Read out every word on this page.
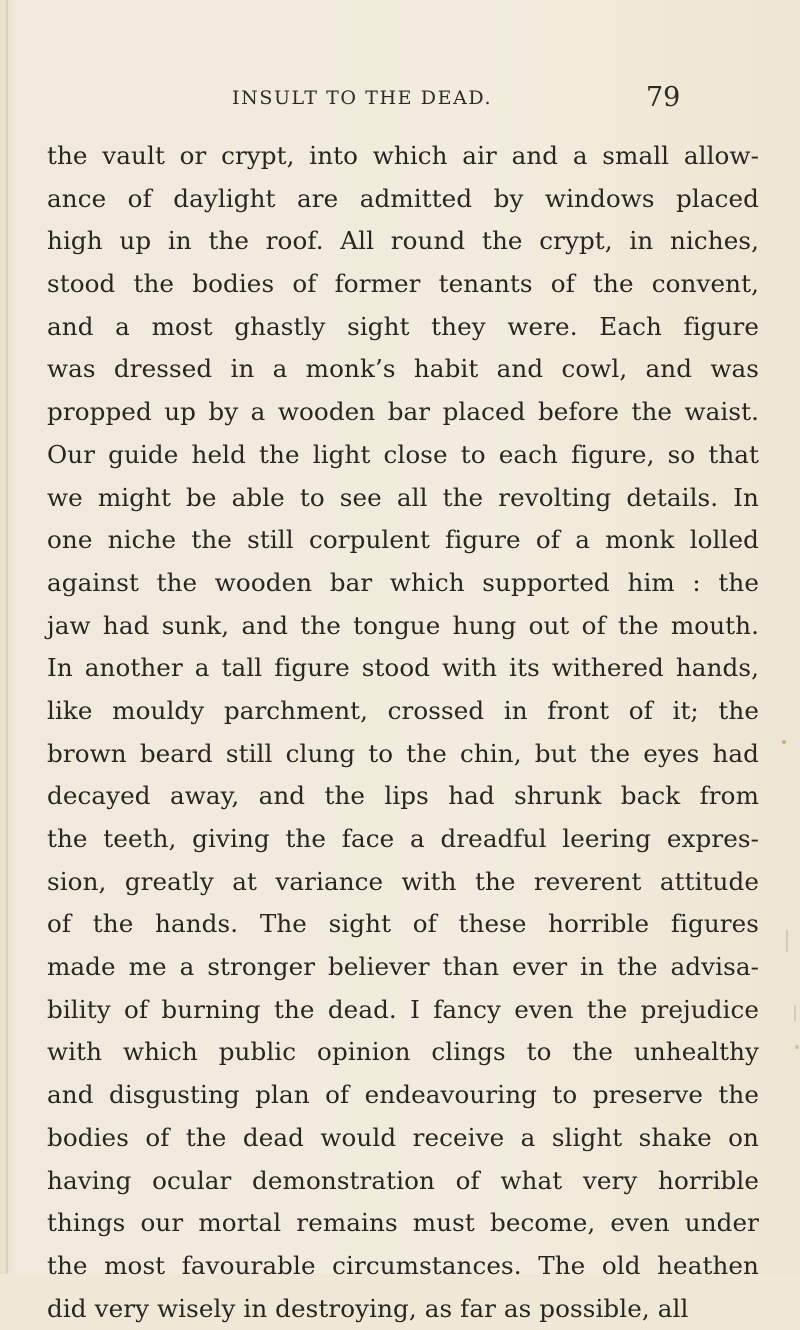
INSULT TO THE DEAD.	79
the vault or crypt, into which air and a small allow-
ance of daylight are admitted by windows placed
high up in the roof. All round the crypt, in niches,
stood the bodies of former tenants of the convent,
and a most ghastly sight they were. Each figure
was dressed in a monk’s habit and cowl, and was
propped up by a wooden bar placed before the waist.
Our guide held the light close to each figure, so that
we might be able to see all the revolting details. In
one niche the still corpulent figure of a monk lolled
against the wooden bar which supported him : the
jaw had sunk, and the tongue hung out of the mouth.
In another a tall figure stood with its withered hands,
like mouldy parchment, crossed in front of it; the
brown beard still clung to the chin, but the eyes had
decayed away, and the lips had shrunk back from
the teeth, giving the face a dreadful leering expres-
sion, greatly at variance with the reverent attitude
of the hands. The sight of these horrible figures
made me a stronger believer than ever in the advisa-
bility of burning the dead. I fancy even the prejudice
with which public opinion clings to the unhealthy
and disgusting plan of endeavouring to preserve the
bodies of the dead would receive a slight shake on
having ocular demonstration of what very horrible
things our mortal remains must become, even under
the most favourable circumstances. The old heathen
did very wisely in destroying, as far as possible, all
